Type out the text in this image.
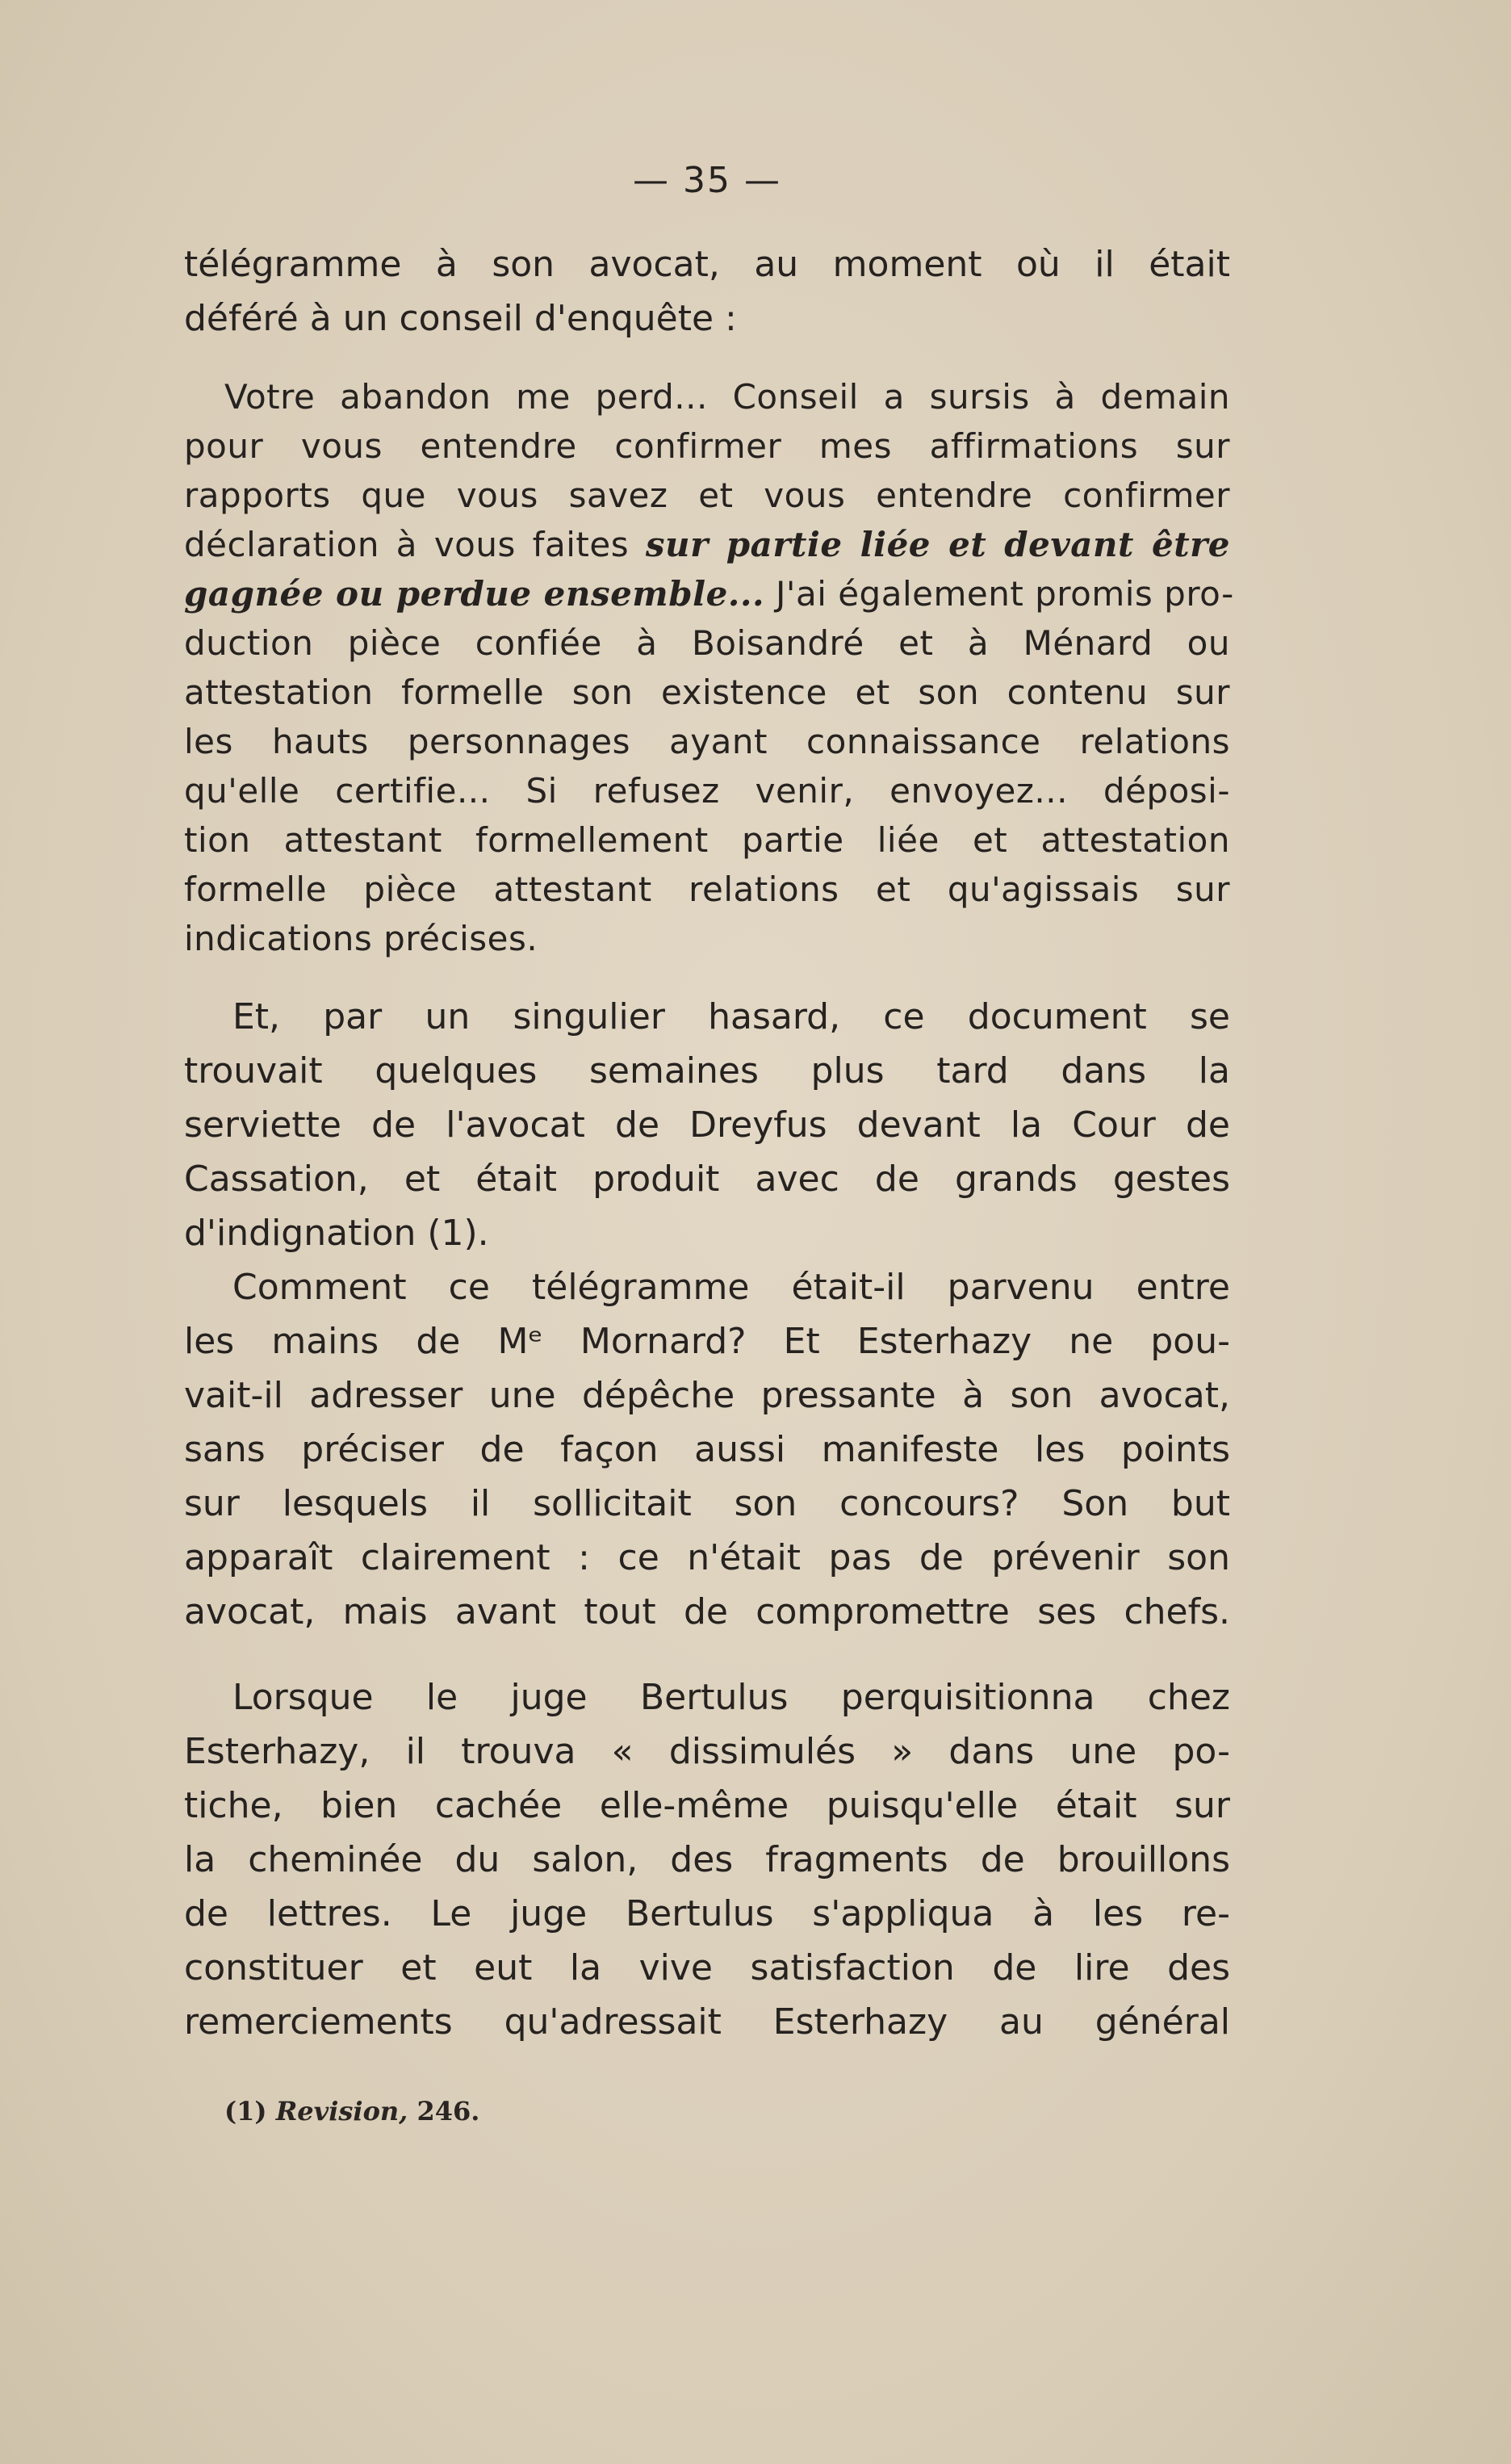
— 35 —
télégramme à son avocat, au moment où il était
déféré à un conseil d'enquête :
Votre abandon me perd... Conseil a sursis à demain
pour vous entendre confirmer mes affirmations sur
rapports que vous savez et vous entendre confirmer
déclaration à vous faites sur partie liée et devant être
gagnée ou perdue ensemble... J'ai également promis pro-
duction pièce confiée à Boisandré et à Ménard ou
attestation formelle son existence et son contenu sur
les hauts personnages ayant connaissance relations
qu'elle certifie... Si refusez venir, envoyez... déposi-
tion attestant formellement partie liée et attestation
formelle pièce attestant relations et qu'agissais sur
indications précises.
Et, par un singulier hasard, ce document se
trouvait quelques semaines plus tard dans la
serviette de l'avocat de Dreyfus devant la Cour de
Cassation, et était produit avec de grands gestes
d'indignation (1).
Comment ce télégramme était-il parvenu entre
les mains de Mᵉ Mornard? Et Esterhazy ne pou-
vait-il adresser une dépêche pressante à son avocat,
sans préciser de façon aussi manifeste les points
sur lesquels il sollicitait son concours? Son but
apparaît clairement : ce n'était pas de prévenir son
avocat, mais avant tout de compromettre ses chefs.
Lorsque le juge Bertulus perquisitionna chez
Esterhazy, il trouva « dissimulés » dans une po-
tiche, bien cachée elle-même puisqu'elle était sur
la cheminée du salon, des fragments de brouillons
de lettres. Le juge Bertulus s'appliqua à les re-
constituer et eut la vive satisfaction de lire des
remerciements qu'adressait Esterhazy au général
(1) Revision, 246.
